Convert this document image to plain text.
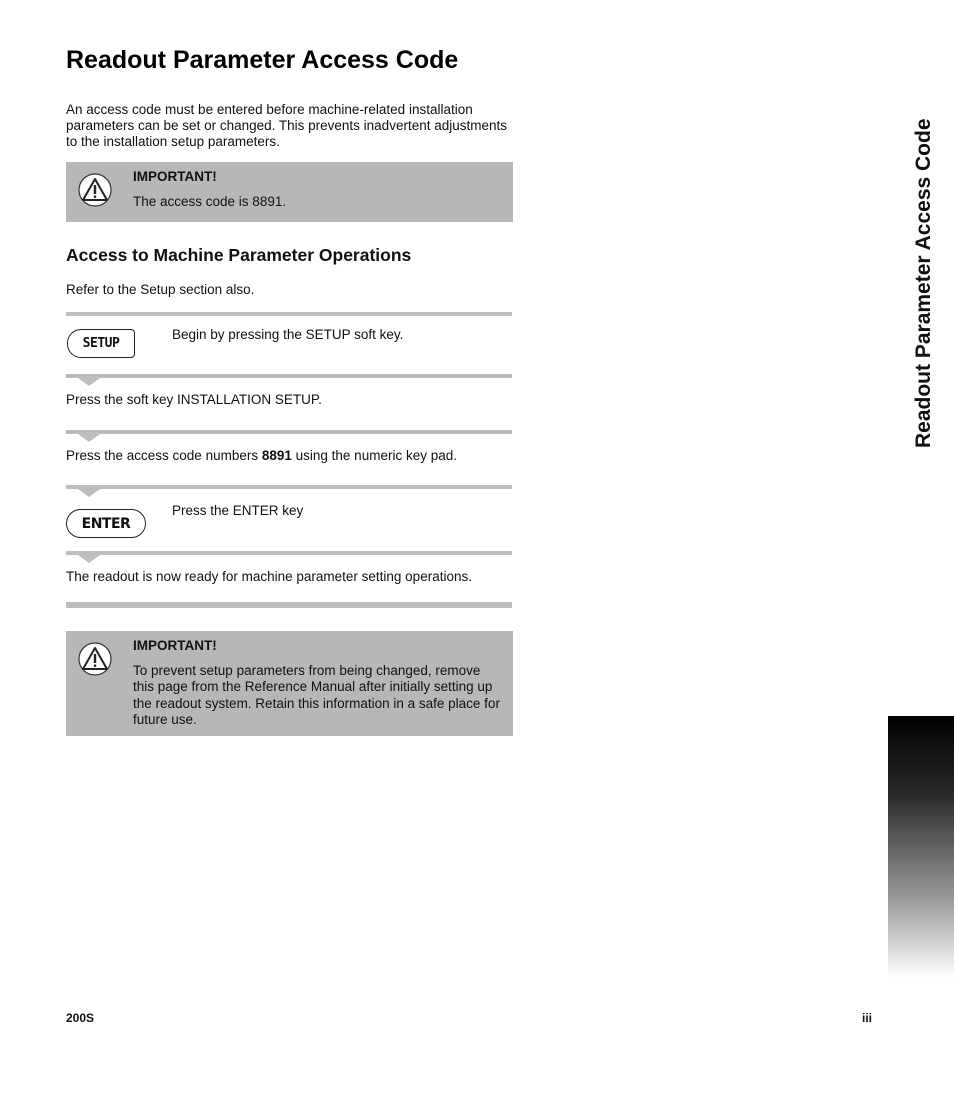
Readout Parameter Access Code

An access code must be entered before machine-related installation parameters can be set or changed. This prevents inadvertent adjustments to the installation setup parameters.

IMPORTANT!

The access code is 8891.

Access to Machine Parameter Operations

Refer to the Setup section also.

SETUP

Begin by pressing the SETUP soft key.

Press the soft key INSTALLATION SETUP.

Press the access code numbers 8891 using the numeric key pad.

ENTER

Press the ENTER key

The readout is now ready for machine parameter setting operations.

IMPORTANT!

To prevent setup parameters from being changed, remove this page from the Reference Manual after initially setting up the readout system. Retain this information in a safe place for future use.

Readout Parameter Access Code

200S	iii
